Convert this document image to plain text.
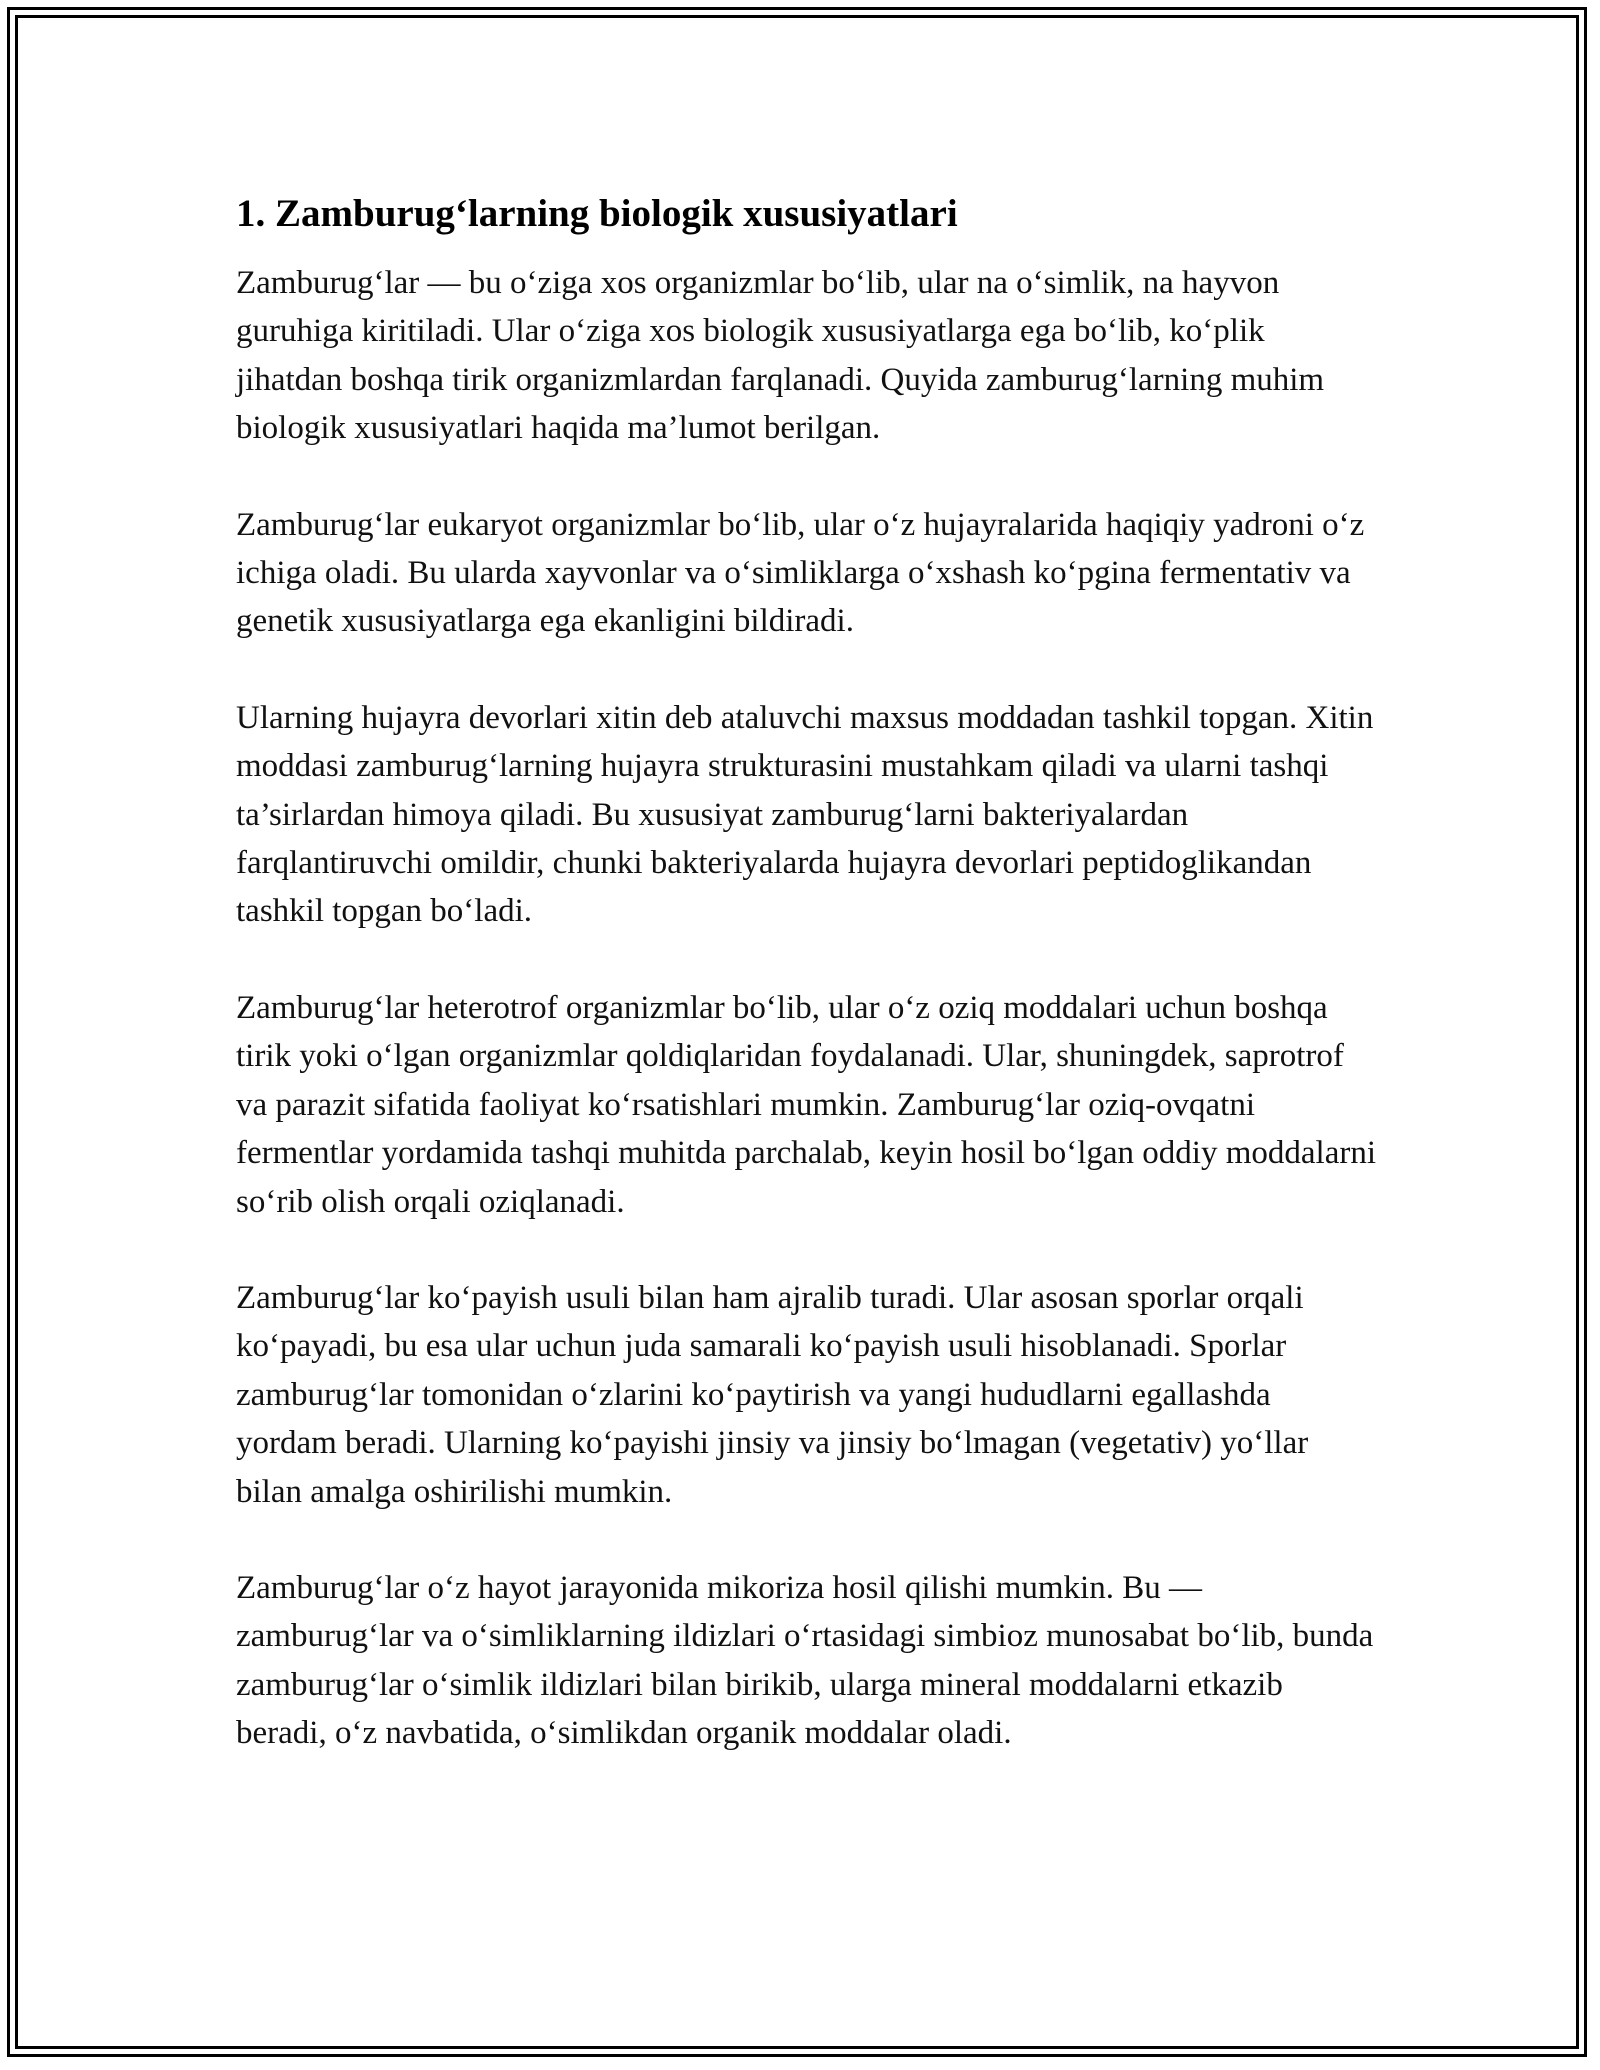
1. Zamburug‘larning biologik xususiyatlari

Zamburug‘lar — bu o‘ziga xos organizmlar bo‘lib, ular na o‘simlik, na hayvon guruhiga kiritiladi. Ular o‘ziga xos biologik xususiyatlarga ega bo‘lib, ko‘plik jihatdan boshqa tirik organizmlardan farqlanadi. Quyida zamburug‘larning muhim biologik xususiyatlari haqida ma’lumot berilgan.

Zamburug‘lar eukaryot organizmlar bo‘lib, ular o‘z hujayralarida haqiqiy yadroni o‘z ichiga oladi. Bu ularda xayvonlar va o‘simliklarga o‘xshash ko‘pgina fermentativ va genetik xususiyatlarga ega ekanligini bildiradi.

Ularning hujayra devorlari xitin deb ataluvchi maxsus moddadan tashkil topgan. Xitin moddasi zamburug‘larning hujayra strukturasini mustahkam qiladi va ularni tashqi ta’sirlardan himoya qiladi. Bu xususiyat zamburug‘larni bakteriyalardan farqlantiruvchi omildir, chunki bakteriyalarda hujayra devorlari peptidoglikandan tashkil topgan bo‘ladi.

Zamburug‘lar heterotrof organizmlar bo‘lib, ular o‘z oziq moddalari uchun boshqa tirik yoki o‘lgan organizmlar qoldiqlaridan foydalanadi. Ular, shuningdek, saprotrof va parazit sifatida faoliyat ko‘rsatishlari mumkin. Zamburug‘lar oziq-ovqatni fermentlar yordamida tashqi muhitda parchalab, keyin hosil bo‘lgan oddiy moddalarni so‘rib olish orqali oziqlanadi.

Zamburug‘lar ko‘payish usuli bilan ham ajralib turadi. Ular asosan sporlar orqali ko‘payadi, bu esa ular uchun juda samarali ko‘payish usuli hisoblanadi. Sporlar zamburug‘lar tomonidan o‘zlarini ko‘paytirish va yangi hududlarni egallashda yordam beradi. Ularning ko‘payishi jinsiy va jinsiy bo‘lmagan (vegetativ) yo‘llar bilan amalga oshirilishi mumkin.

Zamburug‘lar o‘z hayot jarayonida mikoriza hosil qilishi mumkin. Bu — zamburug‘lar va o‘simliklarning ildizlari o‘rtasidagi simbioz munosabat bo‘lib, bunda zamburug‘lar o‘simlik ildizlari bilan birikib, ularga mineral moddalarni etkazib beradi, o‘z navbatida, o‘simlikdan organik moddalar oladi.
